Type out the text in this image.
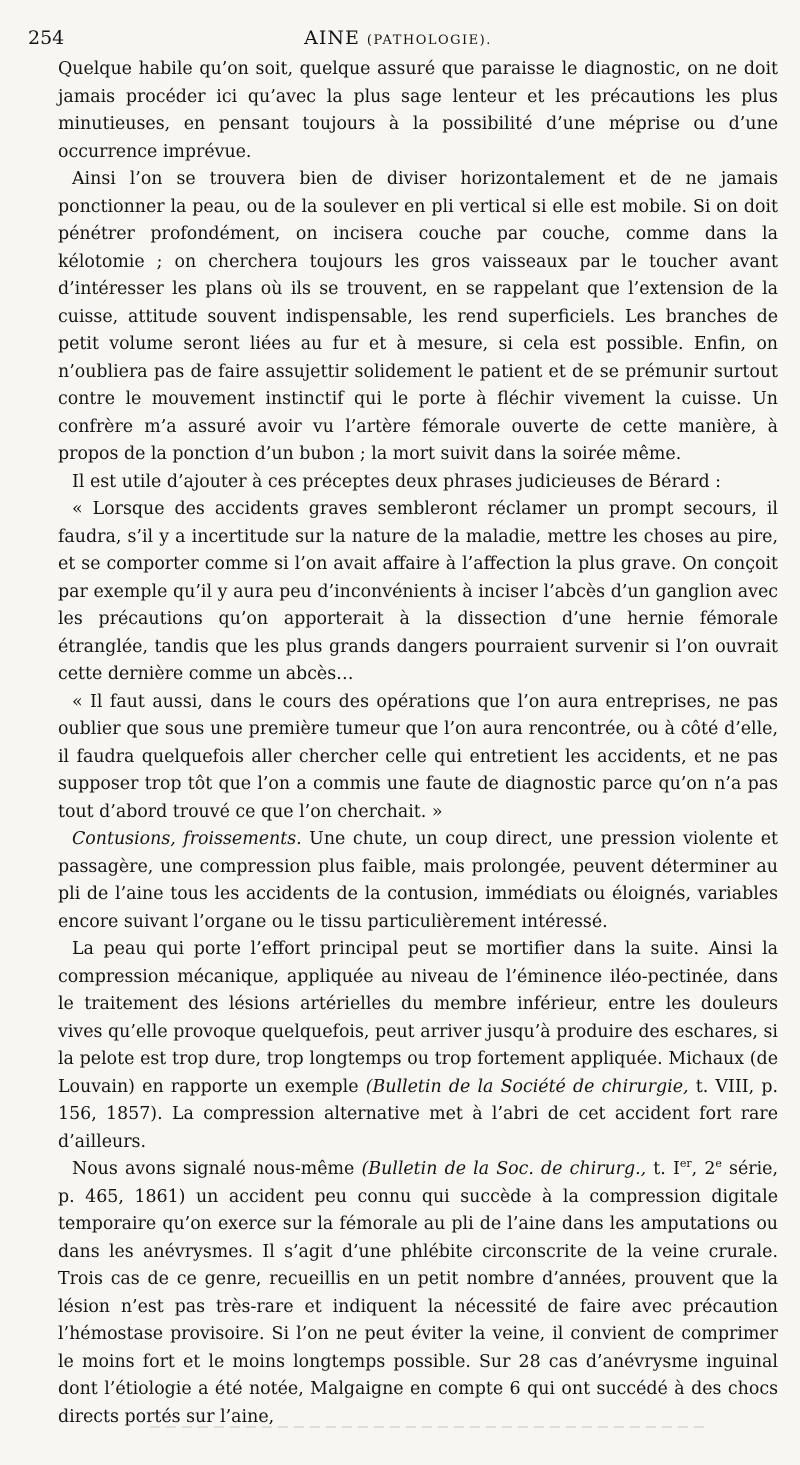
254	AINE (PATHOLOGIE).

Quelque habile qu’on soit, quelque assuré que paraisse le diagnostic, on ne doit jamais procéder ici qu’avec la plus sage lenteur et les précautions les plus minutieuses, en pensant toujours à la possibilité d’une méprise ou d’une occurrence imprévue.

Ainsi l’on se trouvera bien de diviser horizontalement et de ne jamais ponctionner la peau, ou de la soulever en pli vertical si elle est mobile. Si on doit pénétrer profondément, on incisera couche par couche, comme dans la kélotomie ; on cherchera toujours les gros vaisseaux par le toucher avant d’intéresser les plans où ils se trouvent, en se rappelant que l’extension de la cuisse, attitude souvent indispensable, les rend superficiels. Les branches de petit volume seront liées au fur et à mesure, si cela est possible. Enfin, on n’oubliera pas de faire assujettir solidement le patient et de se prémunir surtout contre le mouvement instinctif qui le porte à fléchir vivement la cuisse. Un confrère m’a assuré avoir vu l’artère fémorale ouverte de cette manière, à propos de la ponction d’un bubon ; la mort suivit dans la soirée même.

Il est utile d’ajouter à ces préceptes deux phrases judicieuses de Bérard :

« Lorsque des accidents graves sembleront réclamer un prompt secours, il faudra, s’il y a incertitude sur la nature de la maladie, mettre les choses au pire, et se comporter comme si l’on avait affaire à l’affection la plus grave. On conçoit par exemple qu’il y aura peu d’inconvénients à inciser l’abcès d’un ganglion avec les précautions qu’on apporterait à la dissection d’une hernie fémorale étranglée, tandis que les plus grands dangers pourraient survenir si l’on ouvrait cette dernière comme un abcès…

« Il faut aussi, dans le cours des opérations que l’on aura entreprises, ne pas oublier que sous une première tumeur que l’on aura rencontrée, ou à côté d’elle, il faudra quelquefois aller chercher celle qui entretient les accidents, et ne pas supposer trop tôt que l’on a commis une faute de diagnostic parce qu’on n’a pas tout d’abord trouvé ce que l’on cherchait. »

Contusions, froissements. Une chute, un coup direct, une pression violente et passagère, une compression plus faible, mais prolongée, peuvent déterminer au pli de l’aine tous les accidents de la contusion, immédiats ou éloignés, variables encore suivant l’organe ou le tissu particulièrement intéressé.

La peau qui porte l’effort principal peut se mortifier dans la suite. Ainsi la compression mécanique, appliquée au niveau de l’éminence iléo-pectinée, dans le traitement des lésions artérielles du membre inférieur, entre les douleurs vives qu’elle provoque quelquefois, peut arriver jusqu’à produire des eschares, si la pelote est trop dure, trop longtemps ou trop fortement appliquée. Michaux (de Louvain) en rapporte un exemple (Bulletin de la Société de chirurgie, t. VIII, p. 156, 1857). La compression alternative met à l’abri de cet accident fort rare d’ailleurs.

Nous avons signalé nous-même (Bulletin de la Soc. de chirurg., t. Ier, 2e série, p. 465, 1861) un accident peu connu qui succède à la compression digitale temporaire qu’on exerce sur la fémorale au pli de l’aine dans les amputations ou dans les anévrysmes. Il s’agit d’une phlébite circonscrite de la veine crurale. Trois cas de ce genre, recueillis en un petit nombre d’années, prouvent que la lésion n’est pas très-rare et indiquent la nécessité de faire avec précaution l’hémostase provisoire. Si l’on ne peut éviter la veine, il convient de comprimer le moins fort et le moins longtemps possible. Sur 28 cas d’anévrysme inguinal dont l’étiologie a été notée, Malgaigne en compte 6 qui ont succédé à des chocs directs portés sur l’aine,
